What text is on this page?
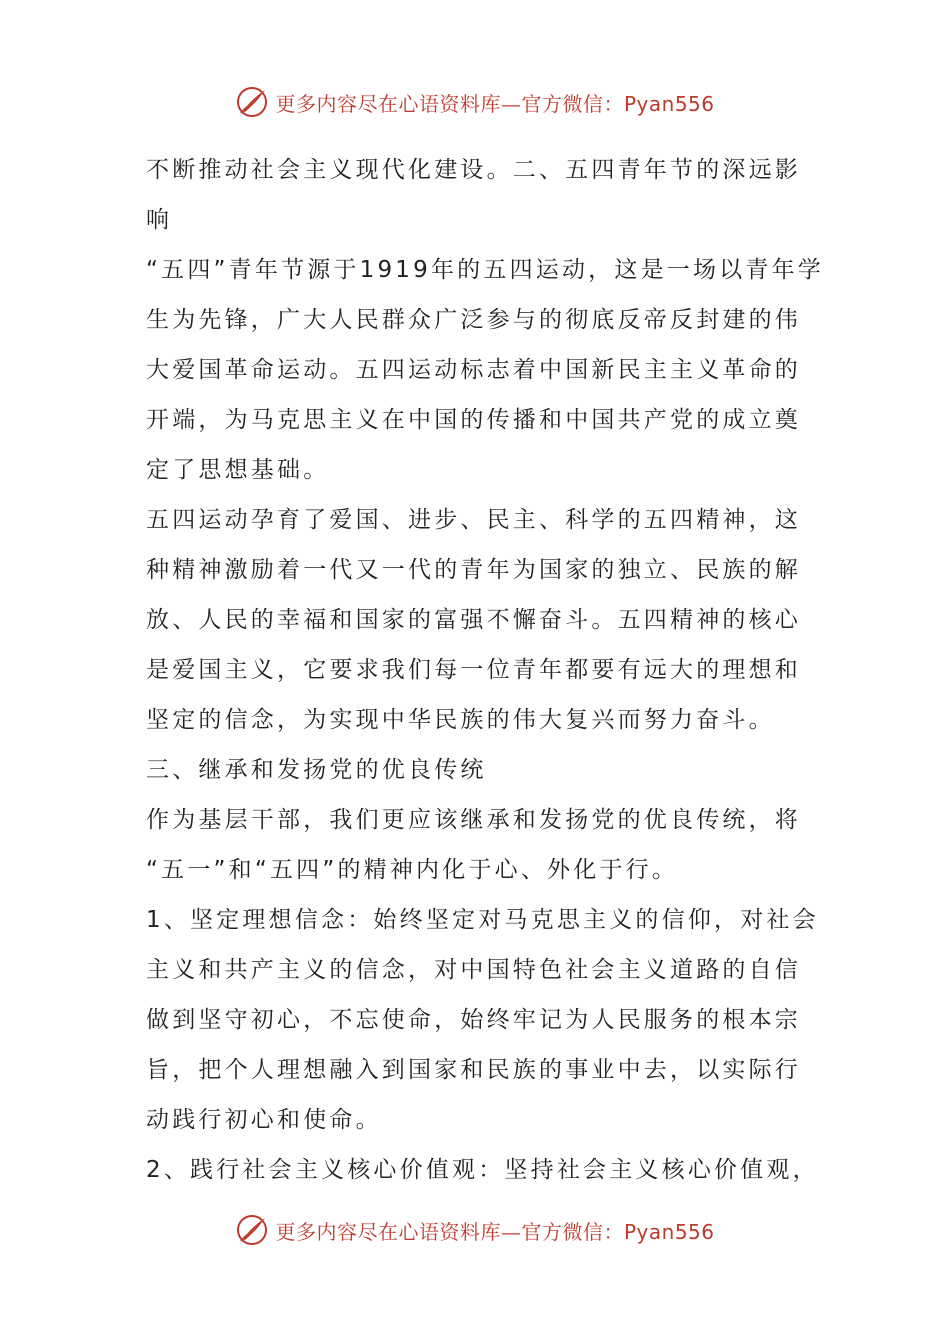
更多内容尽在心语资料库—官方微信：Pyan556
不断推动社会主义现代化建设。二、五四青年节的深远影
响
“五四”青年节源于1919年的五四运动，这是一场以青年学
生为先锋，广大人民群众广泛参与的彻底反帝反封建的伟
大爱国革命运动。五四运动标志着中国新民主主义革命的
开端，为马克思主义在中国的传播和中国共产党的成立奠
定了思想基础。
五四运动孕育了爱国、进步、民主、科学的五四精神，这
种精神激励着一代又一代的青年为国家的独立、民族的解
放、人民的幸福和国家的富强不懈奋斗。五四精神的核心
是爱国主义，它要求我们每一位青年都要有远大的理想和
坚定的信念，为实现中华民族的伟大复兴而努力奋斗。
三、继承和发扬党的优良传统
作为基层干部，我们更应该继承和发扬党的优良传统，将
“五一”和“五四”的精神内化于心、外化于行。
1、坚定理想信念：始终坚定对马克思主义的信仰，对社会
主义和共产主义的信念，对中国特色社会主义道路的自信
做到坚守初心，不忘使命，始终牢记为人民服务的根本宗
旨，把个人理想融入到国家和民族的事业中去，以实际行
动践行初心和使命。
2、践行社会主义核心价值观：坚持社会主义核心价值观，
更多内容尽在心语资料库—官方微信：Pyan556
